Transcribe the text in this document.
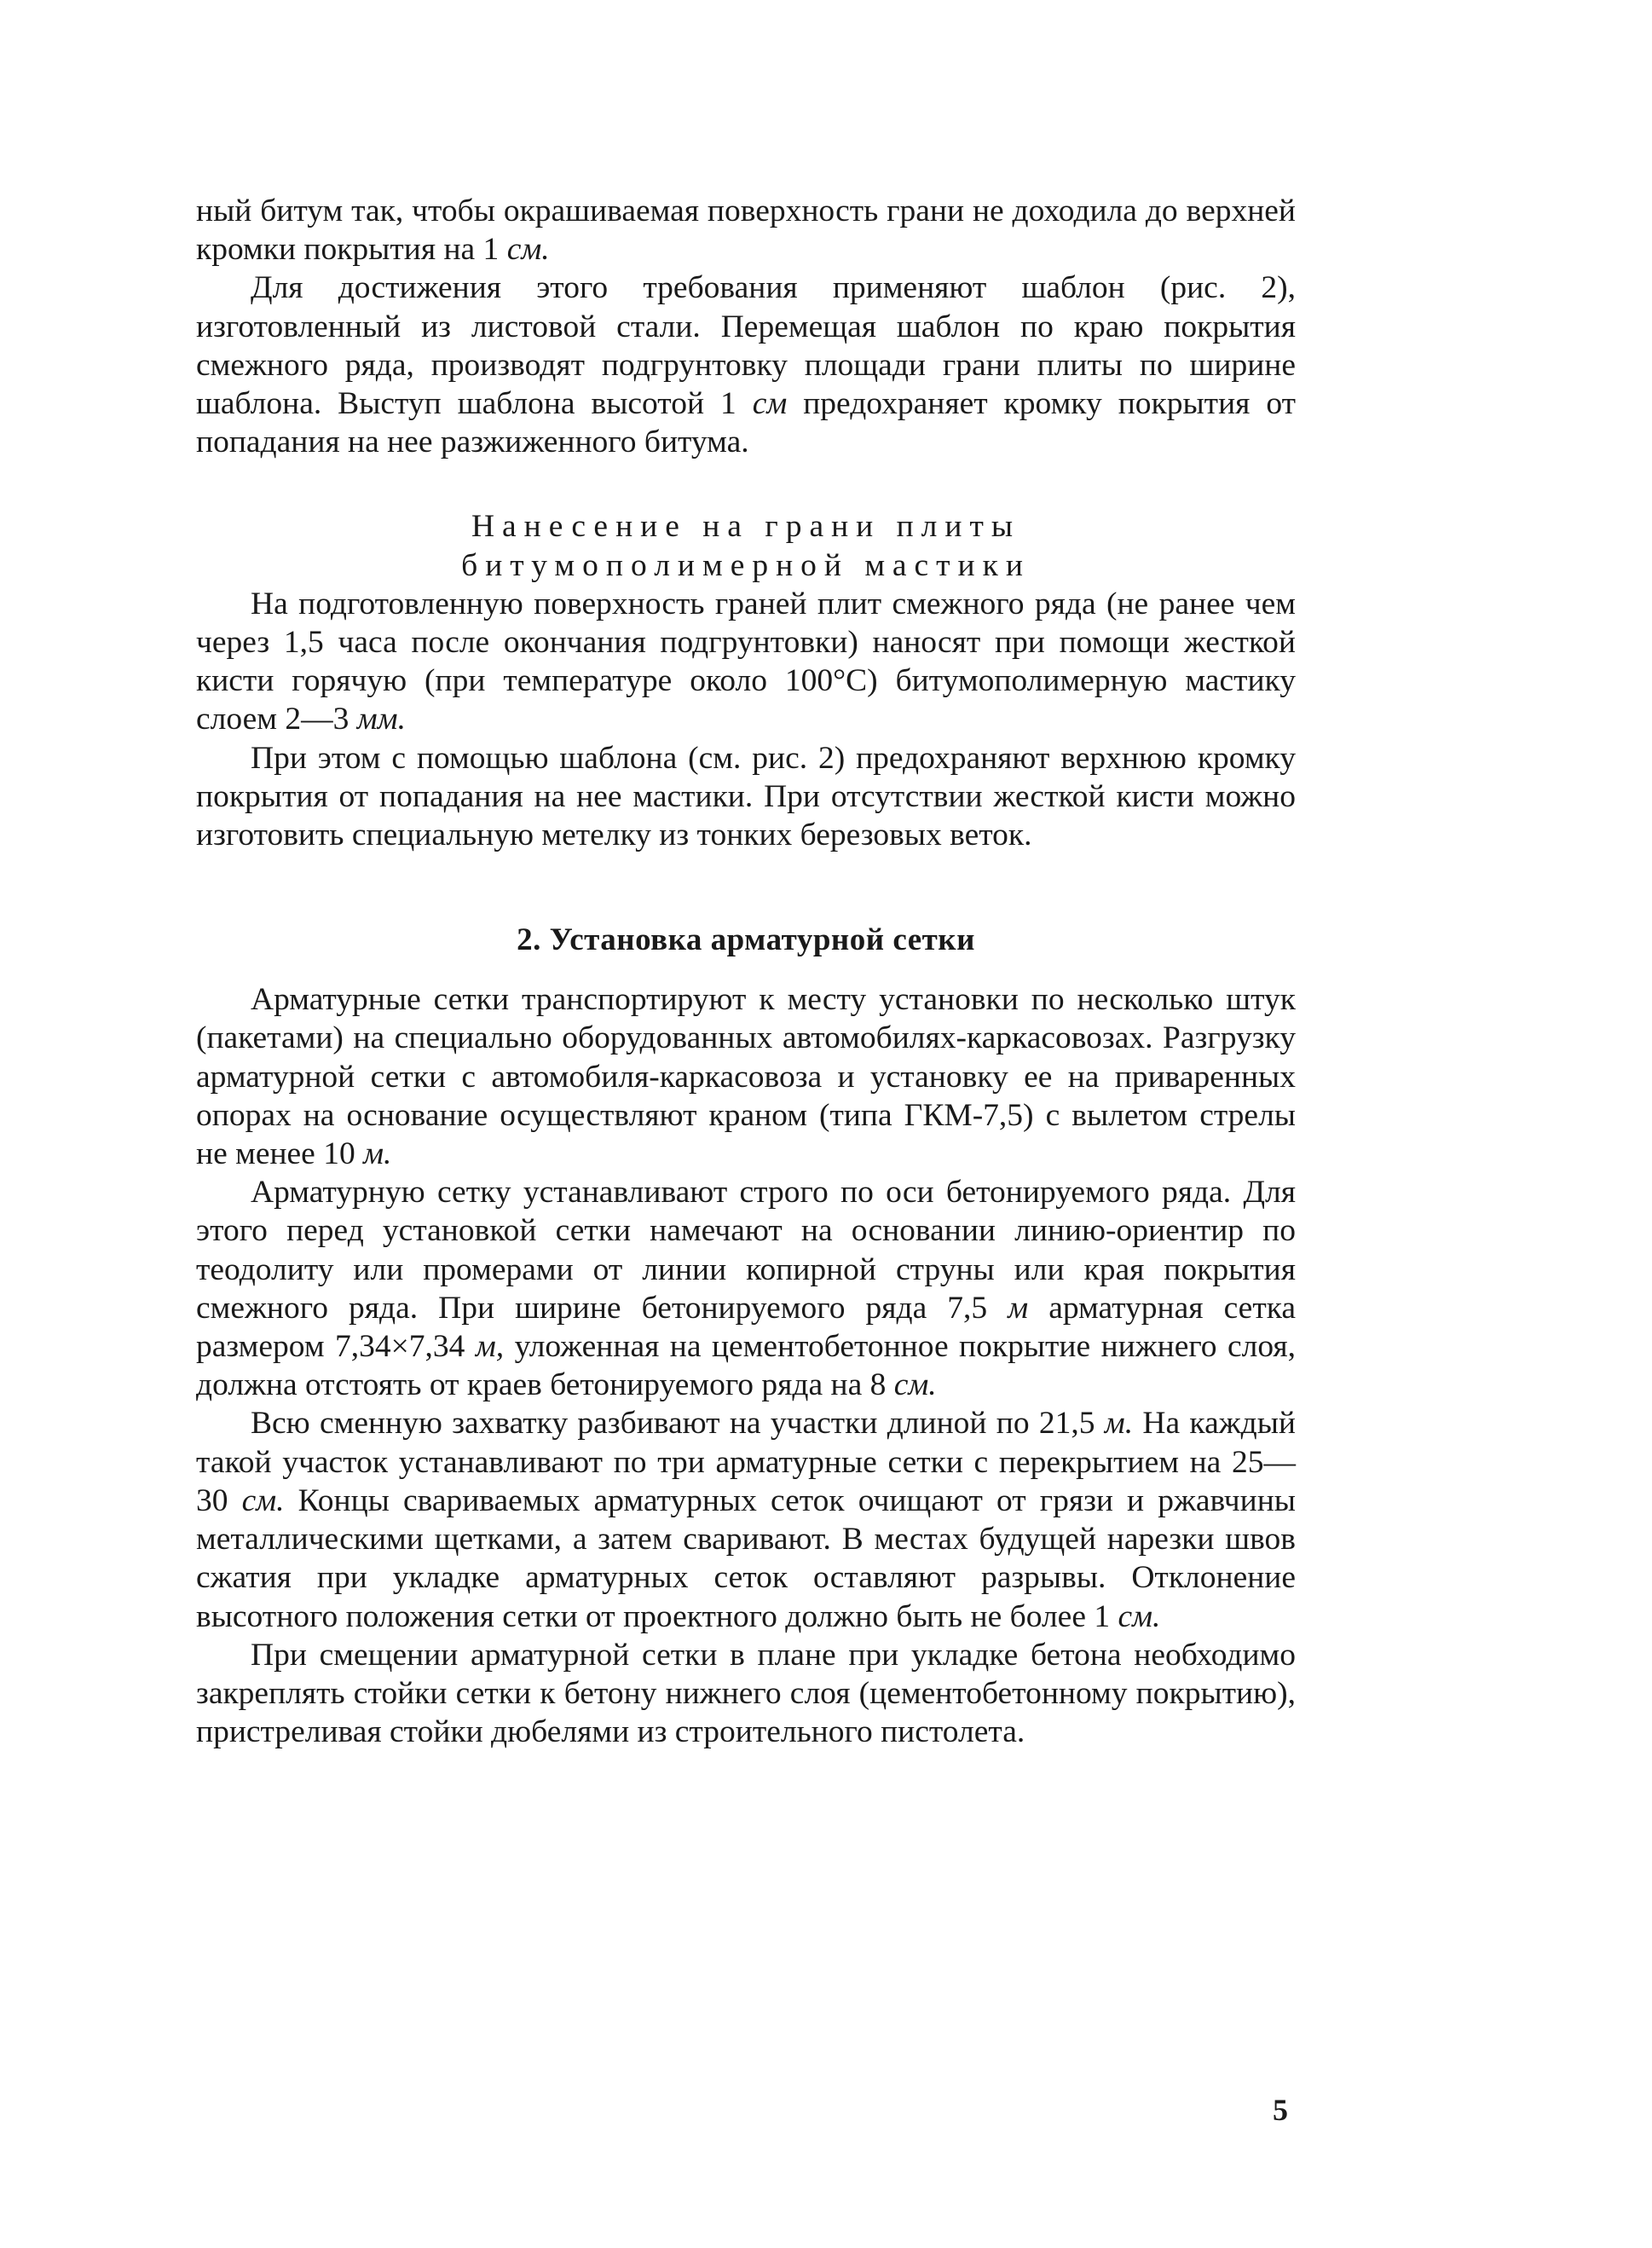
ный битум так, чтобы окрашиваемая поверхность грани не доходила до верхней кромки покрытия на 1 см.

Для достижения этого требования применяют шаблон (рис. 2), изготовленный из листовой стали. Перемещая шаблон по краю покрытия смежного ряда, производят подгрунтовку площади грани плиты по ширине шаблона. Выступ шаблона высотой 1 см предохраняет кромку покрытия от попадания на нее разжиженного битума.

Нанесение на грани плиты
битумополимерной мастики

На подготовленную поверхность граней плит смежного ряда (не ранее чем через 1,5 часа после окончания подгрунтовки) наносят при помощи жесткой кисти горячую (при температуре около 100°С) битумополимерную мастику слоем 2—3 мм.

При этом с помощью шаблона (см. рис. 2) предохраняют верхнюю кромку покрытия от попадания на нее мастики. При отсутствии жесткой кисти можно изготовить специальную метелку из тонких березовых веток.

2. Установка арматурной сетки

Арматурные сетки транспортируют к месту установки по несколько штук (пакетами) на специально оборудованных автомобилях-каркасовозах. Разгрузку арматурной сетки с автомобиля-каркасовоза и установку ее на приваренных опорах на основание осуществляют краном (типа ГКМ-7,5) с вылетом стрелы не менее 10 м.

Арматурную сетку устанавливают строго по оси бетонируемого ряда. Для этого перед установкой сетки намечают на основании линию-ориентир по теодолиту или промерами от линии копирной струны или края покрытия смежного ряда. При ширине бетонируемого ряда 7,5 м арматурная сетка размером 7,34×7,34 м, уложенная на цементобетонное покрытие нижнего слоя, должна отстоять от краев бетонируемого ряда на 8 см.

Всю сменную захватку разбивают на участки длиной по 21,5 м. На каждый такой участок устанавливают по три арматурные сетки с перекрытием на 25—30 см. Концы свариваемых арматурных сеток очищают от грязи и ржавчины металлическими щетками, а затем сваривают. В местах будущей нарезки швов сжатия при укладке арматурных сеток оставляют разрывы. Отклонение высотного положения сетки от проектного должно быть не более 1 см.

При смещении арматурной сетки в плане при укладке бетона необходимо закреплять стойки сетки к бетону нижнего слоя (цементобетонному покрытию), пристреливая стойки дюбелями из строительного пистолета.

5
